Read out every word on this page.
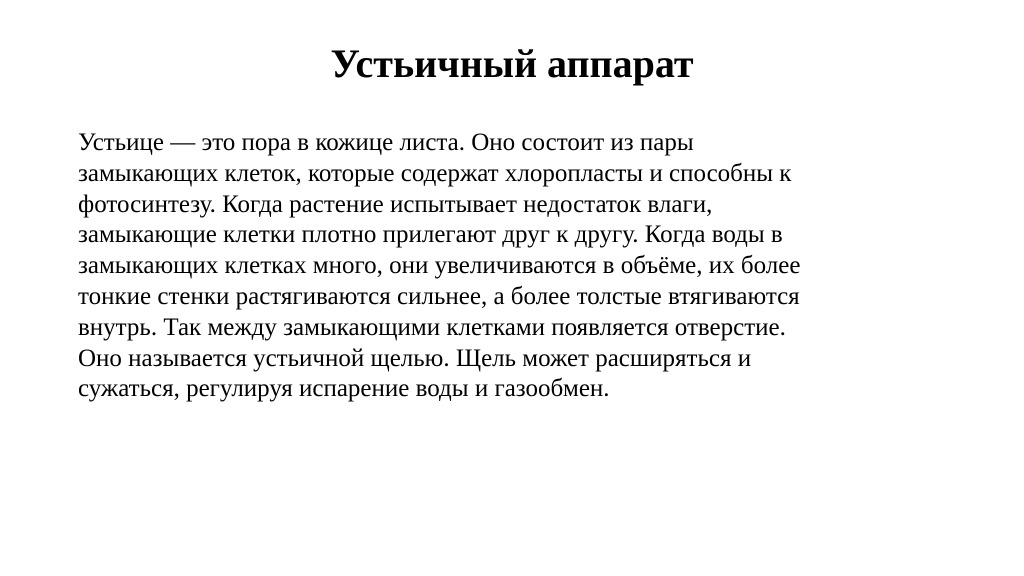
Устьичный аппарат
Устьице — это пора в кожице листа. Оно состоит из пары
замыкающих клеток, которые содержат хлоропласты и способны к
фотосинтезу. Когда растение испытывает недостаток влаги,
замыкающие клетки плотно прилегают друг к другу. Когда воды в
замыкающих клетках много, они увеличиваются в объёме, их более
тонкие стенки растягиваются сильнее, а более толстые втягиваются
внутрь. Так между замыкающими клетками появляется отверстие.
Оно называется устьичной щелью. Щель может расширяться и
сужаться, регулируя испарение воды и газообмен.
